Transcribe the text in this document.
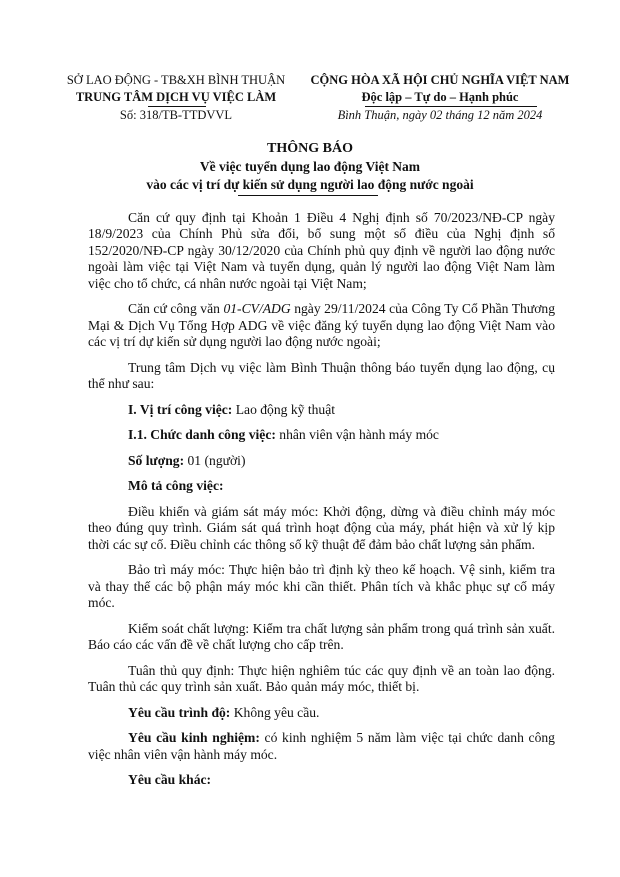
SỞ LAO ĐỘNG - TB&XH BÌNH THUẬN
TRUNG TÂM DỊCH VỤ VIỆC LÀM
Số: 318/TB-TTDVVL
CỘNG HÒA XÃ HỘI CHỦ NGHĨA VIỆT NAM
Độc lập – Tự do – Hạnh phúc
Bình Thuận, ngày 02 tháng 12 năm 2024
THÔNG BÁO
Về việc tuyển dụng lao động Việt Nam
vào các vị trí dự kiến sử dụng người lao động nước ngoài

Căn cứ quy định tại Khoản 1 Điều 4 Nghị định số 70/2023/NĐ-CP ngày 18/9/2023 của Chính Phủ sửa đổi, bổ sung một số điều của Nghị định số 152/2020/NĐ-CP ngày 30/12/2020 của Chính phủ quy định về người lao động nước ngoài làm việc tại Việt Nam và tuyển dụng, quản lý người lao động Việt Nam làm việc cho tổ chức, cá nhân nước ngoài tại Việt Nam;

Căn cứ công văn 01-CV/ADG ngày 29/11/2024 của Công Ty Cổ Phần Thương Mại & Dịch Vụ Tổng Hợp ADG về việc đăng ký tuyển dụng lao động Việt Nam vào các vị trí dự kiến sử dụng người lao động nước ngoài;

Trung tâm Dịch vụ việc làm Bình Thuận thông báo tuyển dụng lao động, cụ thể như sau:

I. Vị trí công việc: Lao động kỹ thuật

I.1. Chức danh công việc: nhân viên vận hành máy móc

Số lượng: 01 (người)

Mô tả công việc:

Điều khiển và giám sát máy móc: Khởi động, dừng và điều chỉnh máy móc theo đúng quy trình. Giám sát quá trình hoạt động của máy, phát hiện và xử lý kịp thời các sự cố. Điều chỉnh các thông số kỹ thuật để đảm bảo chất lượng sản phẩm.

Bảo trì máy móc: Thực hiện bảo trì định kỳ theo kế hoạch. Vệ sinh, kiểm tra và thay thế các bộ phận máy móc khi cần thiết. Phân tích và khắc phục sự cố máy móc.

Kiểm soát chất lượng: Kiểm tra chất lượng sản phẩm trong quá trình sản xuất. Báo cáo các vấn đề về chất lượng cho cấp trên.

Tuân thủ quy định: Thực hiện nghiêm túc các quy định về an toàn lao động. Tuân thủ các quy trình sản xuất. Bảo quản máy móc, thiết bị.

Yêu cầu trình độ: Không yêu cầu.

Yêu cầu kinh nghiệm: có kinh nghiệm 5 năm làm việc tại chức danh công việc nhân viên vận hành máy móc.

Yêu cầu khác:
